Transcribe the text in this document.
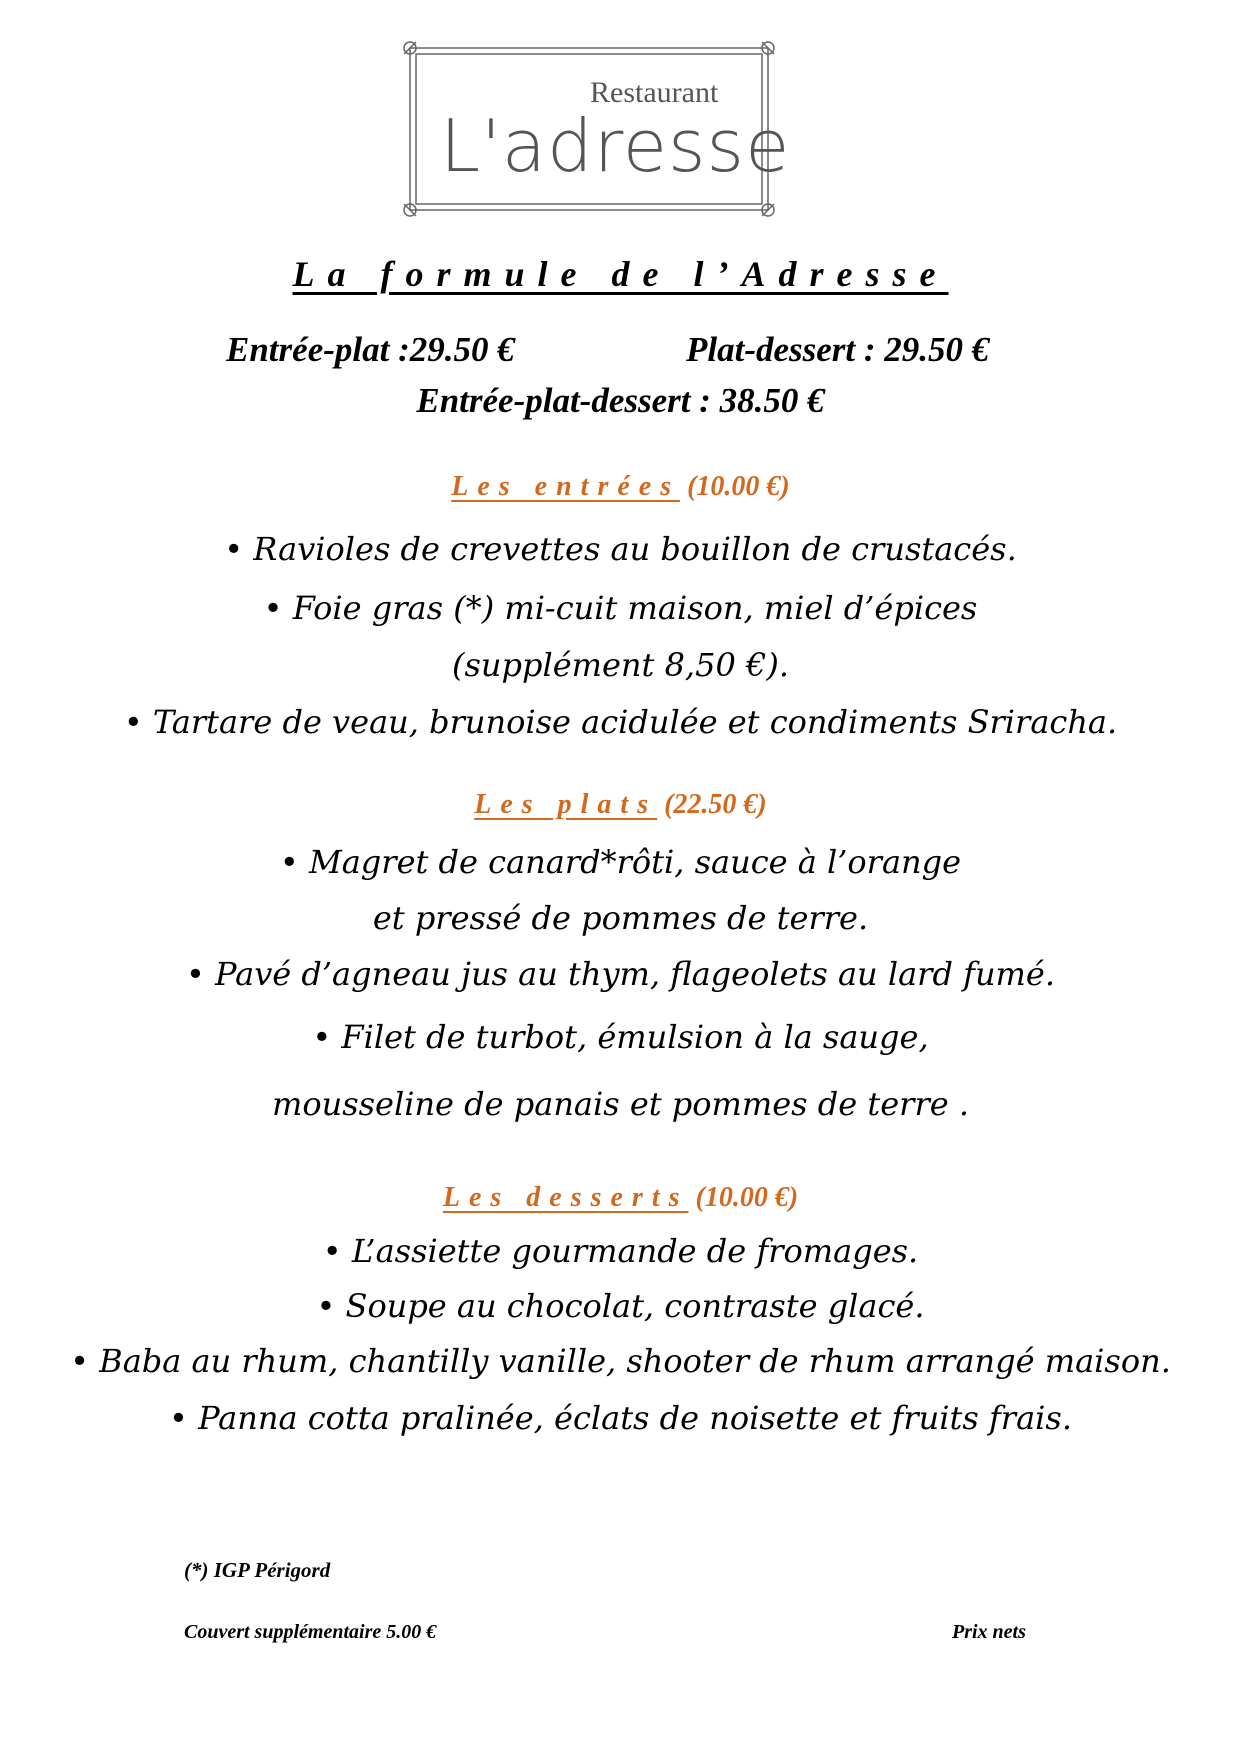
Restaurant
L'adresse
La formule de l’Adresse
Entrée-plat :29.50 €	Plat-dessert : 29.50 €
Entrée-plat-dessert : 38.50 €
Les entrées (10.00 €)
• Ravioles de crevettes au bouillon de crustacés.
• Foie gras (*) mi-cuit maison, miel d’épices
(supplément 8,50 €).
• Tartare de veau, brunoise acidulée et condiments Sriracha.
Les plats (22.50 €)
• Magret de canard*rôti, sauce à l’orange
et pressé de pommes de terre.
• Pavé d’agneau jus au thym, flageolets au lard fumé.
• Filet de turbot, émulsion à la sauge,
mousseline de panais et pommes de terre .
Les desserts (10.00 €)
• L’assiette gourmande de fromages.
• Soupe au chocolat, contraste glacé.
• Baba au rhum, chantilly vanille, shooter de rhum arrangé maison.
• Panna cotta pralinée, éclats de noisette et fruits frais.
(*) IGP Périgord
Couvert supplémentaire 5.00 €	Prix nets
